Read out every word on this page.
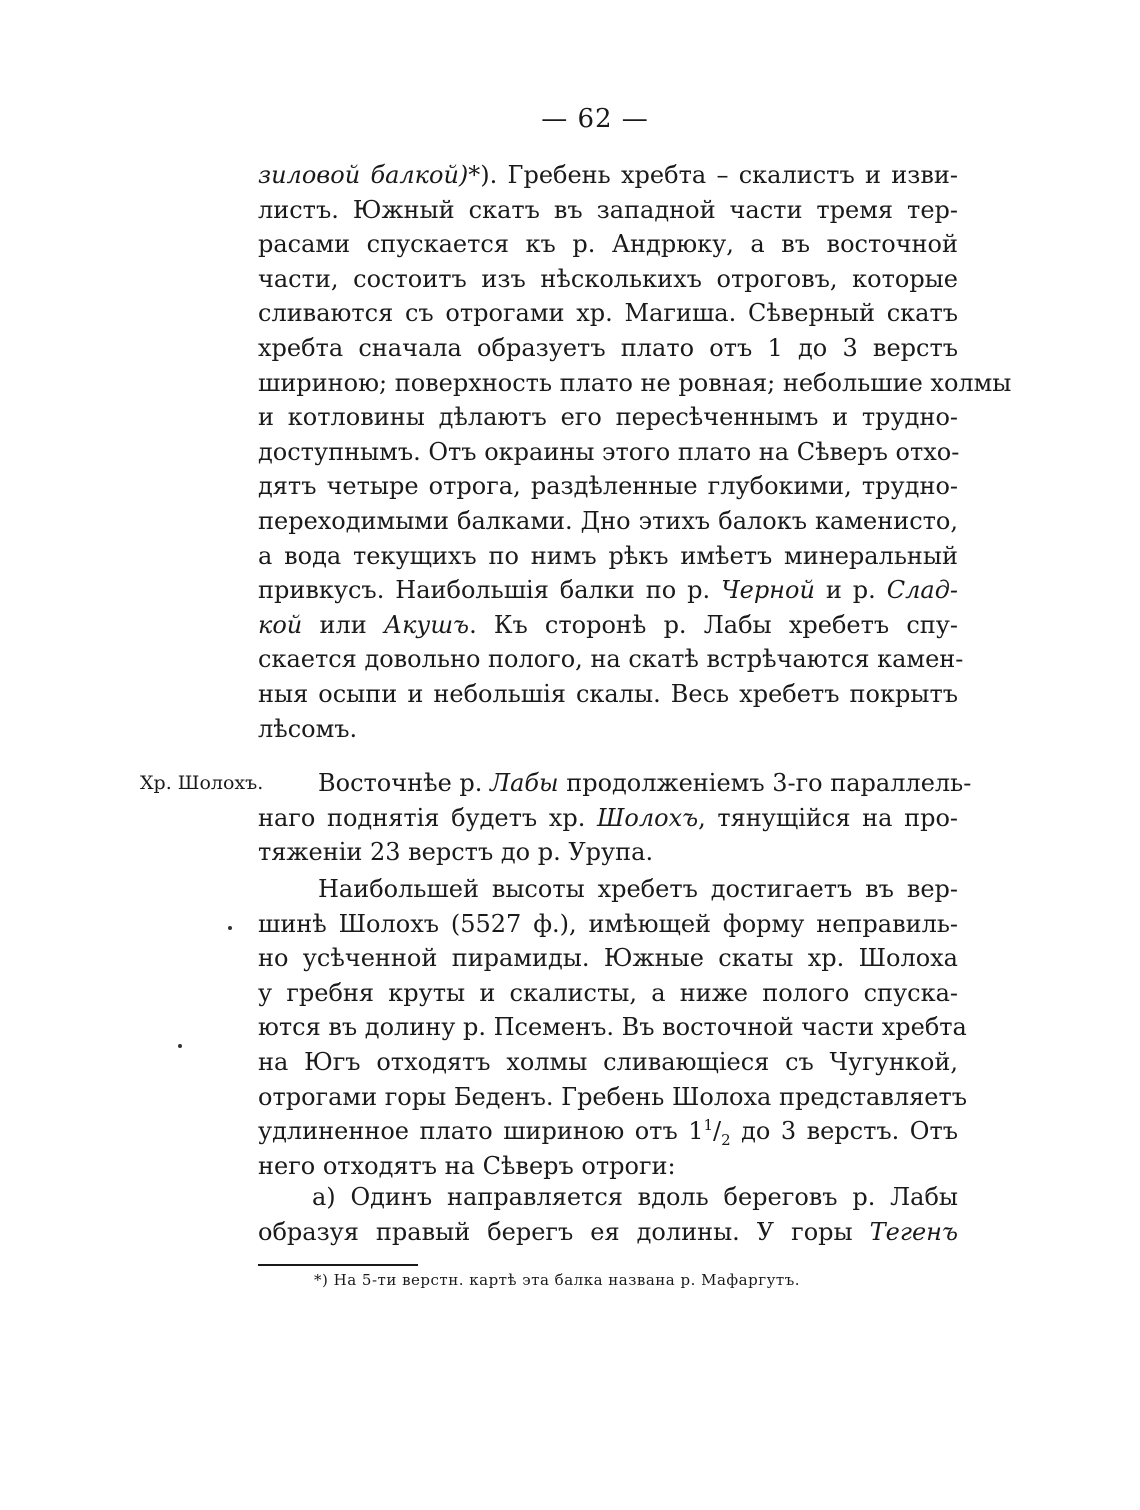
— 62 —
зиловой балкой)*). Гребень хребта – скалистъ и изви-
листъ. Южный скатъ въ западной части тремя тер-
расами спускается къ р. Андрюку, а въ восточной
части, состоитъ изъ нѣсколькихъ отроговъ, которые
сливаются съ отрогами хр. Магиша. Сѣверный скатъ
хребта сначала образуетъ плато отъ 1 до 3 верстъ
шириною; поверхность плато не ровная; небольшие холмы
и котловины дѣлаютъ его пересѣченнымъ и трудно-
доступнымъ. Отъ окраины этого плато на Сѣверъ отхо-
дятъ четыре отрога, раздѣленные глубокими, трудно-
переходимыми балками. Дно этихъ балокъ каменисто,
а вода текущихъ по нимъ рѣкъ имѣетъ минеральный
привкусъ. Наибольшія балки по р. Черной и р. Слад-
кой или Акушъ. Къ сторонѣ р. Лабы хребетъ спу-
скается довольно полого, на скатѣ встрѣчаются камен-
ныя осыпи и небольшія скалы. Весь хребетъ покрытъ
лѣсомъ.
Хр. Шолохъ. Восточнѣе р. Лабы продолженіемъ 3-го параллель-
наго поднятія будетъ хр. Шолохъ, тянущійся на про-
тяженіи 23 верстъ до р. Урупа.
Наибольшей высоты хребетъ достигаетъ въ вер-
шинѣ Шолохъ (5527 ф.), имѣющей форму неправиль-
но усѣченной пирамиды. Южные скаты хр. Шолоха
у гребня круты и скалисты, а ниже полого спуска-
ются въ долину р. Псеменъ. Въ восточной части хребта
на Югъ отходятъ холмы сливающіеся съ Чугункой,
отрогами горы Беденъ. Гребень Шолоха представляетъ
удлиненное плато шириною отъ $1^1/_2$ до 3 верстъ. Отъ
него отходятъ на Сѣверъ отроги:
а) Одинъ направляется вдоль береговъ р. Лабы
образуя правый берегъ ея долины. У горы Тегенъ
*) На 5-ти верстн. картѣ эта балка названа р. Мафаргутъ.
